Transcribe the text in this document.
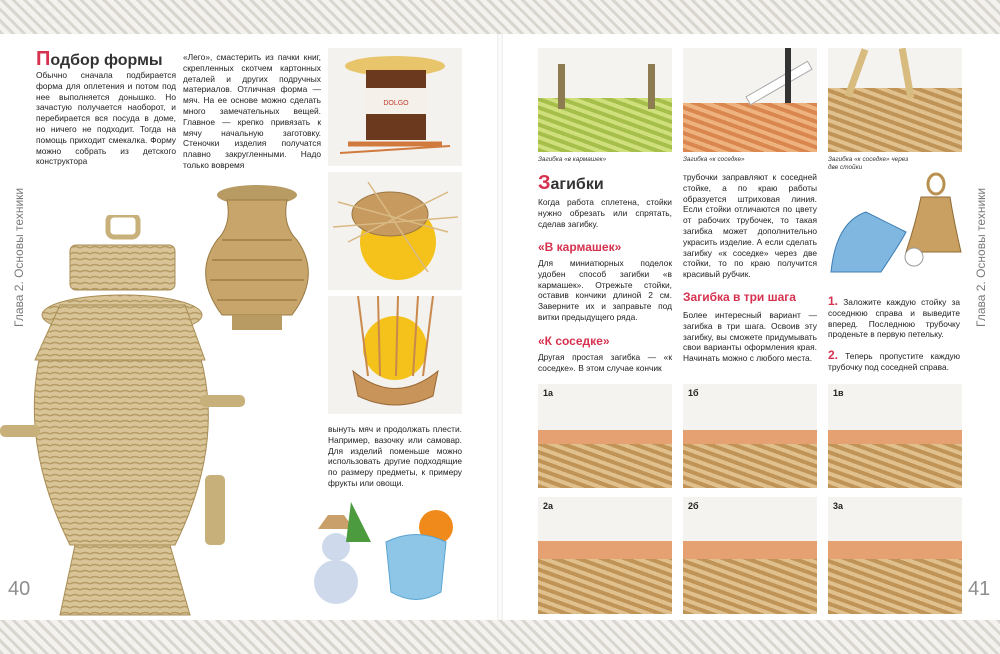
Глава 2. Основы техники
Подбор формы
Обычно сначала подбирается форма для оплетения и потом под нее выполняется донышко. Но зачастую получается наоборот, и перебирается вся посуда в доме, но ничего не подходит. Тогда на помощь приходит смекалка. Форму можно собрать из детского конструктора
«Лего», смастерить из пачки книг, скрепленных скотчем картонных деталей и других подручных материалов. Отличная форма — мяч. На ее основе можно сделать много замечательных вещей. Главное — крепко привязать к мячу начальную заготовку. Стеночки изделия получатся плавно закругленными. Надо только вовремя
вынуть мяч и продолжать плести. Например, вазочку или самовар. Для изделий поменьше можно использовать другие подходящие по размеру предметы, к примеру фрукты или овощи.
DOLGO
40
Загибка «в кармашек»	Загибка «к соседке»	Загибка «к соседке» через две стойки
Загибки
Когда работа сплетена, стойки нужно обрезать или спрятать, сделав загибку.
«В кармашек»
Для миниатюрных поделок удобен способ загибки «в кармашек». Отрежьте стойки, оставив кончики длиной 2 см. Заверните их и заправьте под витки предыдущего ряда.
«К соседке»
Другая простая загибка — «к соседке». В этом случае кончик
трубочки заправляют к соседней стойке, а по краю работы образуется штриховая линия. Если стойки отличаются по цвету от рабочих трубочек, то такая загибка может дополнительно украсить изделие. А если сделать загибку «к соседке» через две стойки, то по краю получится красивый рубчик.
Загибка в три шага
Более интересный вариант — загибка в три шага. Освоив эту загибку, вы сможете придумывать свои варианты оформления края. Начинать можно с любого места.
1. Заложите каждую стойку за соседнюю справа и выведите вперед. Последнюю трубочку проденьте в первую петельку.
2. Теперь пропустите каждую трубочку под соседней справа.
1а	1б	1в
2а	2б	3а
Глава 2. Основы техники
41
